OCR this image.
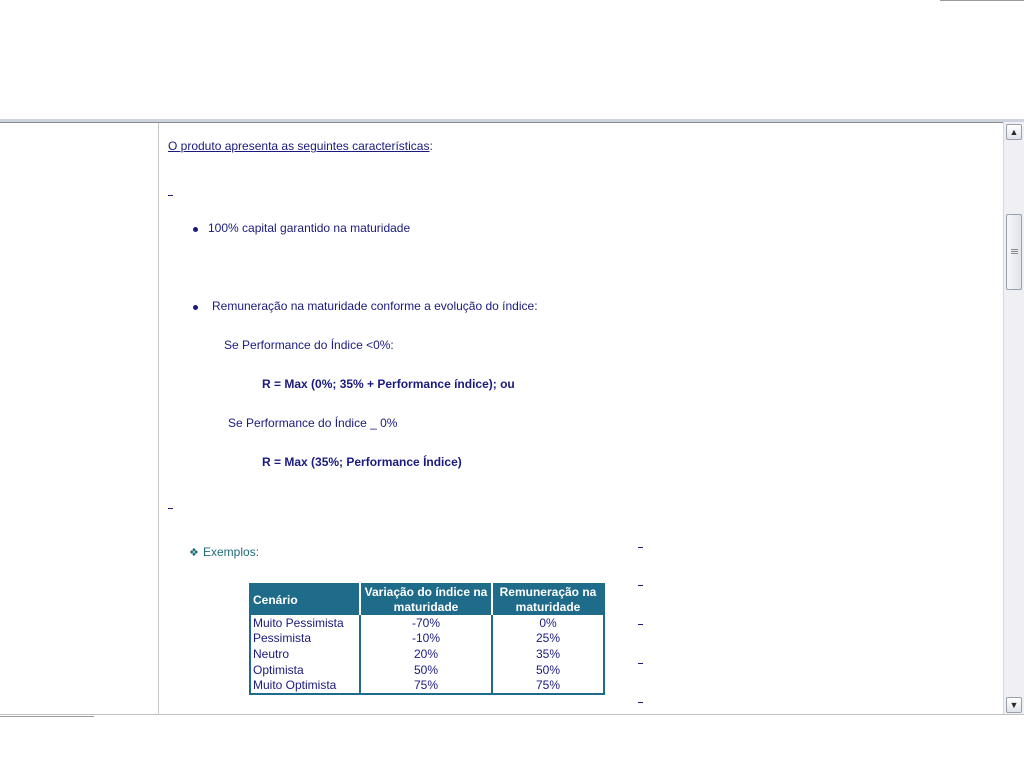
O produto apresenta as seguintes características:
100% capital garantido na maturidade
Remuneração na maturidade conforme a evolução do índice:
Se Performance do Índice <0%:
R = Max (0%; 35% + Performance índice); ou
Se Performance do Índice _ 0%
R = Max (35%; Performance Índice)
❖ Exemplos:
Cenário	Variação do índice na maturidade	Remuneração na maturidade
Muito Pessimista	-70%	0%
Pessimista	-10%	25%
Neutro	20%	35%
Optimista	50%	50%
Muito Optimista	75%	75%
▲
▼
